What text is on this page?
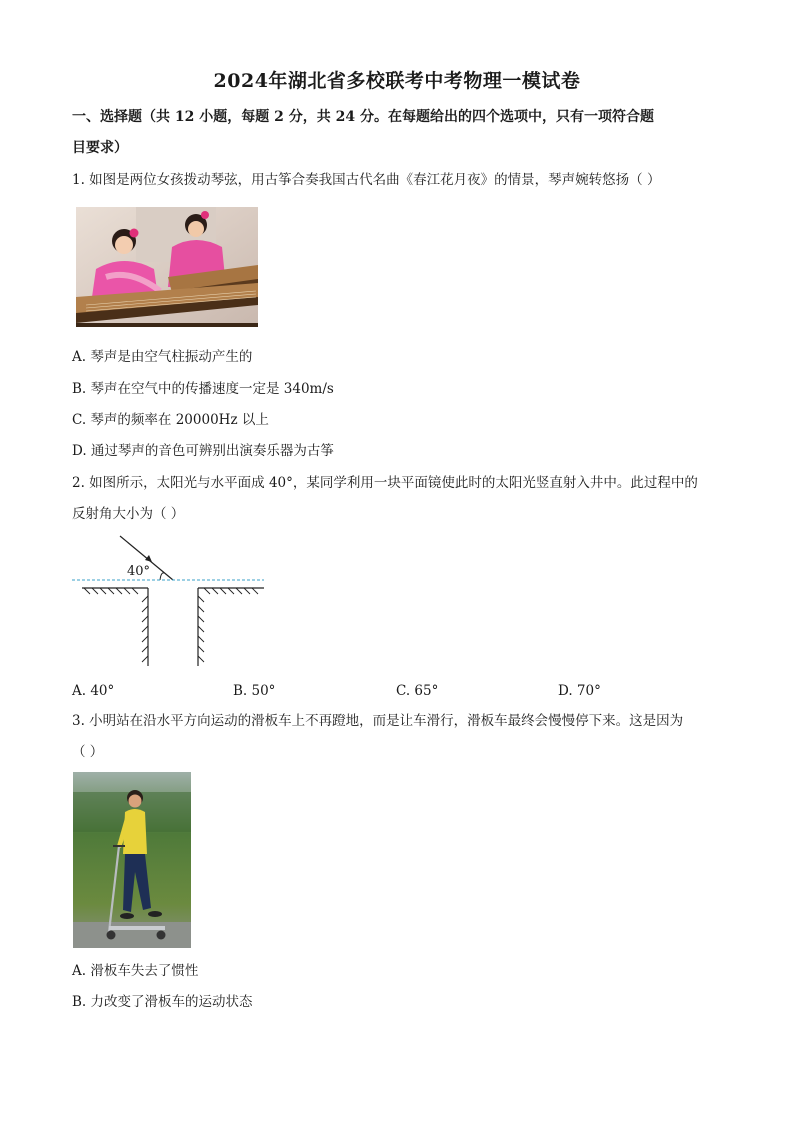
2024年湖北省多校联考中考物理一模试卷
一、选择题（共 12 小题，每题 2 分，共 24 分。在每题给出的四个选项中，只有一项符合题
目要求）
1. 如图是两位女孩拨动琴弦，用古筝合奏我国古代名曲《春江花月夜》的情景，琴声婉转悠扬（ ）
A. 琴声是由空气柱振动产生的
B. 琴声在空气中的传播速度一定是 340m/s
C. 琴声的频率在 20000Hz 以上
D. 通过琴声的音色可辨别出演奏乐器为古筝
2. 如图所示，太阳光与水平面成 40°，某同学利用一块平面镜使此时的太阳光竖直射入井中。此过程中的
反射角大小为（ ）
40°
A. 40°	B. 50°	C. 65°	D. 70°
3. 小明站在沿水平方向运动的滑板车上不再蹬地，而是让车滑行，滑板车最终会慢慢停下来。这是因为
（ ）
A. 滑板车失去了惯性
B. 力改变了滑板车的运动状态
